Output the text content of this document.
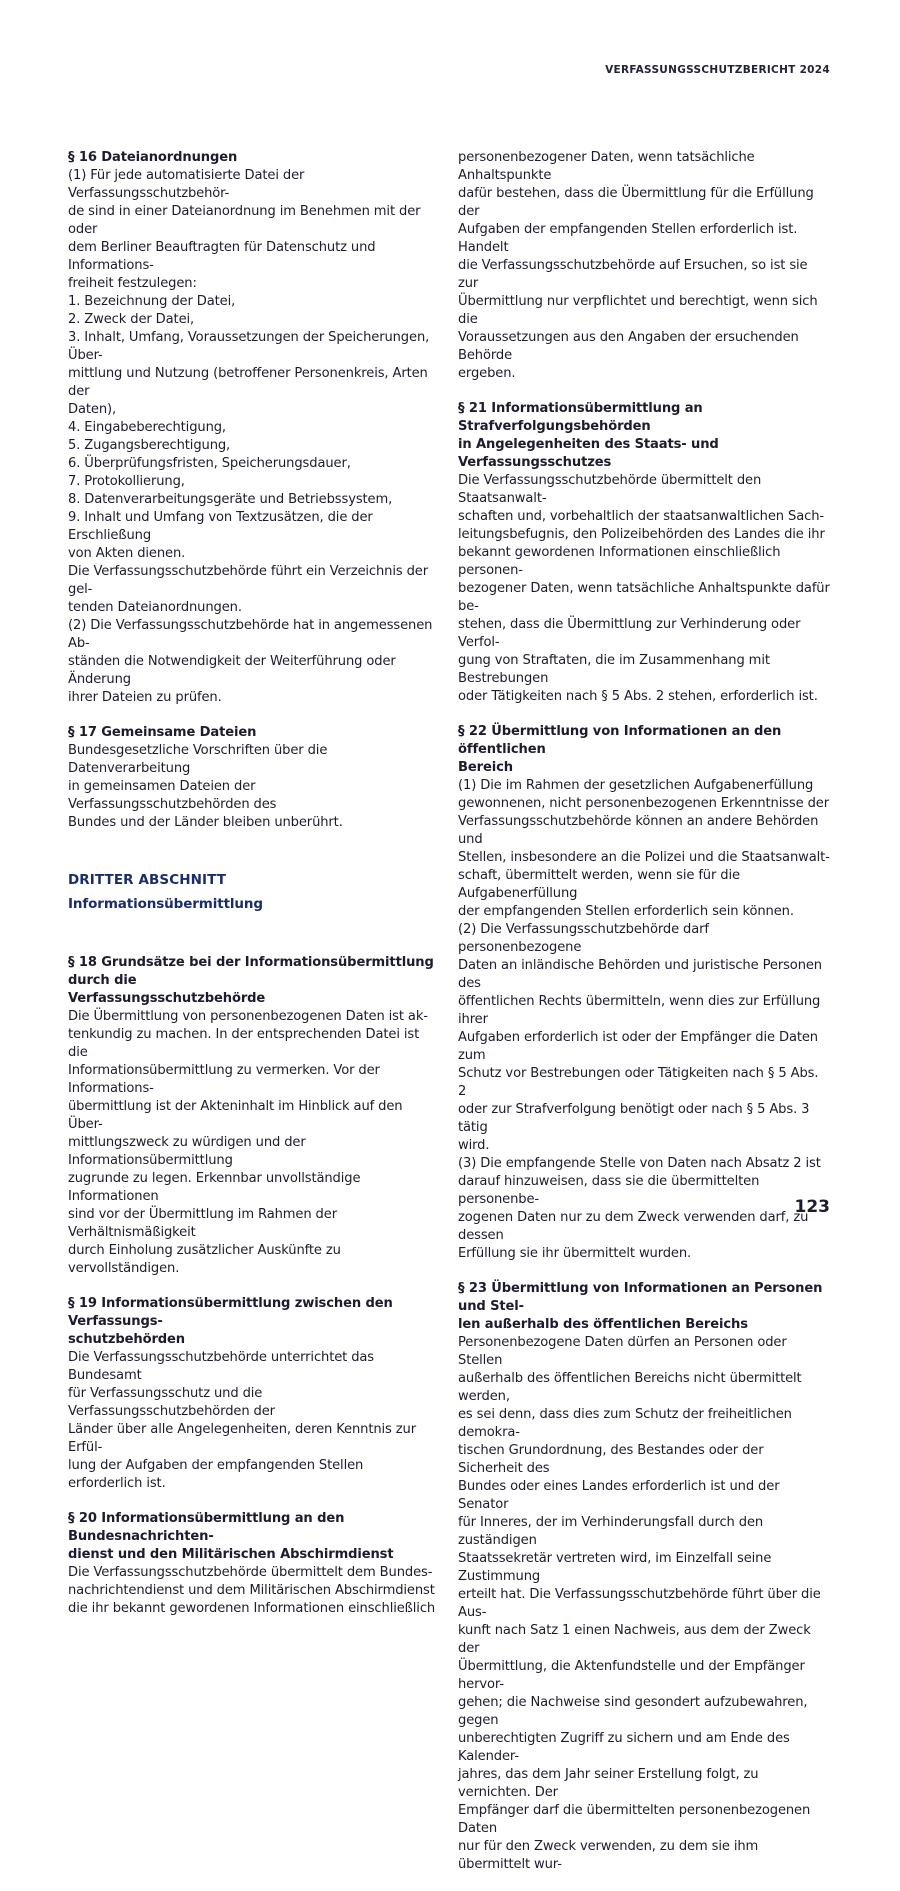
VERFASSUNGSSCHUTZBERICHT 2024
§ 16 Dateianordnungen

(1) Für jede automatisierte Datei der Verfassungsschutzbehör-
de sind in einer Dateianordnung im Benehmen mit der oder
dem Berliner Beauftragten für Datenschutz und Informations-
freiheit festzulegen:
1. Bezeichnung der Datei,
2. Zweck der Datei,
3. Inhalt, Umfang, Voraussetzungen der Speicherungen, Über-
mittlung und Nutzung (betroffener Personenkreis, Arten der
Daten),
4. Eingabeberechtigung,
5. Zugangsberechtigung,
6. Überprüfungsfristen, Speicherungsdauer,
7. Protokollierung,
8. Datenverarbeitungsgeräte und Betriebssystem,
9. Inhalt und Umfang von Textzusätzen, die der Erschließung
von Akten dienen.
Die Verfassungsschutzbehörde führt ein Verzeichnis der gel-
tenden Dateianordnungen.
(2) Die Verfassungsschutzbehörde hat in angemessenen Ab-
ständen die Notwendigkeit der Weiterführung oder Änderung
ihrer Dateien zu prüfen.

§ 17 Gemeinsame Dateien

Bundesgesetzliche Vorschriften über die Datenverarbeitung
in gemeinsamen Dateien der Verfassungsschutzbehörden des
Bundes und der Länder bleiben unberührt.

DRITTER ABSCHNITT
Informationsübermittlung
§ 18 Grundsätze bei der Informationsübermittlung durch die
Verfassungsschutzbehörde

Die Übermittlung von personenbezogenen Daten ist ak-
tenkundig zu machen. In der entsprechenden Datei ist die
Informationsübermittlung zu vermerken. Vor der Informations-
übermittlung ist der Akteninhalt im Hinblick auf den Über-
mittlungszweck zu würdigen und der Informationsübermittlung
zugrunde zu legen. Erkennbar unvollständige Informationen
sind vor der Übermittlung im Rahmen der Verhältnismäßigkeit
durch Einholung zusätzlicher Auskünfte zu vervollständigen.

§ 19 Informationsübermittlung zwischen den Verfassungs-
schutzbehörden

Die Verfassungsschutzbehörde unterrichtet das Bundesamt
für Verfassungsschutz und die Verfassungsschutzbehörden der
Länder über alle Angelegenheiten, deren Kenntnis zur Erfül-
lung der Aufgaben der empfangenden Stellen erforderlich ist.

§ 20 Informationsübermittlung an den Bundesnachrichten-
dienst und den Militärischen Abschirmdienst

Die Verfassungsschutzbehörde übermittelt dem Bundes-
nachrichtendienst und dem Militärischen Abschirmdienst
die ihr bekannt gewordenen Informationen einschließlich

personenbezogener Daten, wenn tatsächliche Anhaltspunkte
dafür bestehen, dass die Übermittlung für die Erfüllung der
Aufgaben der empfangenden Stellen erforderlich ist. Handelt
die Verfassungsschutzbehörde auf Ersuchen, so ist sie zur
Übermittlung nur verpflichtet und berechtigt, wenn sich die
Voraussetzungen aus den Angaben der ersuchenden Behörde
ergeben.

§ 21 Informationsübermittlung an Strafverfolgungsbehörden
in Angelegenheiten des Staats- und Verfassungsschutzes

Die Verfassungsschutzbehörde übermittelt den Staatsanwalt-
schaften und, vorbehaltlich der staatsanwaltlichen Sach-
leitungsbefugnis, den Polizeibehörden des Landes die ihr
bekannt gewordenen Informationen einschließlich personen-
bezogener Daten, wenn tatsächliche Anhaltspunkte dafür be-
stehen, dass die Übermittlung zur Verhinderung oder Verfol-
gung von Straftaten, die im Zusammenhang mit Bestrebungen
oder Tätigkeiten nach § 5 Abs. 2 stehen, erforderlich ist.

§ 22 Übermittlung von Informationen an den öffentlichen
Bereich

(1) Die im Rahmen der gesetzlichen Aufgabenerfüllung
gewonnenen, nicht personenbezogenen Erkenntnisse der
Verfassungsschutzbehörde können an andere Behörden und
Stellen, insbesondere an die Polizei und die Staatsanwalt-
schaft, übermittelt werden, wenn sie für die Aufgabenerfüllung
der empfangenden Stellen erforderlich sein können.
(2) Die Verfassungsschutzbehörde darf personenbezogene
Daten an inländische Behörden und juristische Personen des
öffentlichen Rechts übermitteln, wenn dies zur Erfüllung ihrer
Aufgaben erforderlich ist oder der Empfänger die Daten zum
Schutz vor Bestrebungen oder Tätigkeiten nach § 5 Abs. 2
oder zur Strafverfolgung benötigt oder nach § 5 Abs. 3 tätig
wird.
(3) Die empfangende Stelle von Daten nach Absatz 2 ist
darauf hinzuweisen, dass sie die übermittelten personenbe-
zogenen Daten nur zu dem Zweck verwenden darf, zu dessen
Erfüllung sie ihr übermittelt wurden.

§ 23 Übermittlung von Informationen an Personen und Stel-
len außerhalb des öffentlichen Bereichs

Personenbezogene Daten dürfen an Personen oder Stellen
außerhalb des öffentlichen Bereichs nicht übermittelt werden,
es sei denn, dass dies zum Schutz der freiheitlichen demokra-
tischen Grundordnung, des Bestandes oder der Sicherheit des
Bundes oder eines Landes erforderlich ist und der Senator
für Inneres, der im Verhinderungsfall durch den zuständigen
Staatssekretär vertreten wird, im Einzelfall seine Zustimmung
erteilt hat. Die Verfassungsschutzbehörde führt über die Aus-
kunft nach Satz 1 einen Nachweis, aus dem der Zweck der
Übermittlung, die Aktenfundstelle und der Empfänger hervor-
gehen; die Nachweise sind gesondert aufzubewahren, gegen
unberechtigten Zugriff zu sichern und am Ende des Kalender-
jahres, das dem Jahr seiner Erstellung folgt, zu vernichten. Der
Empfänger darf die übermittelten personenbezogenen Daten
nur für den Zweck verwenden, zu dem sie ihm übermittelt wur-

123
